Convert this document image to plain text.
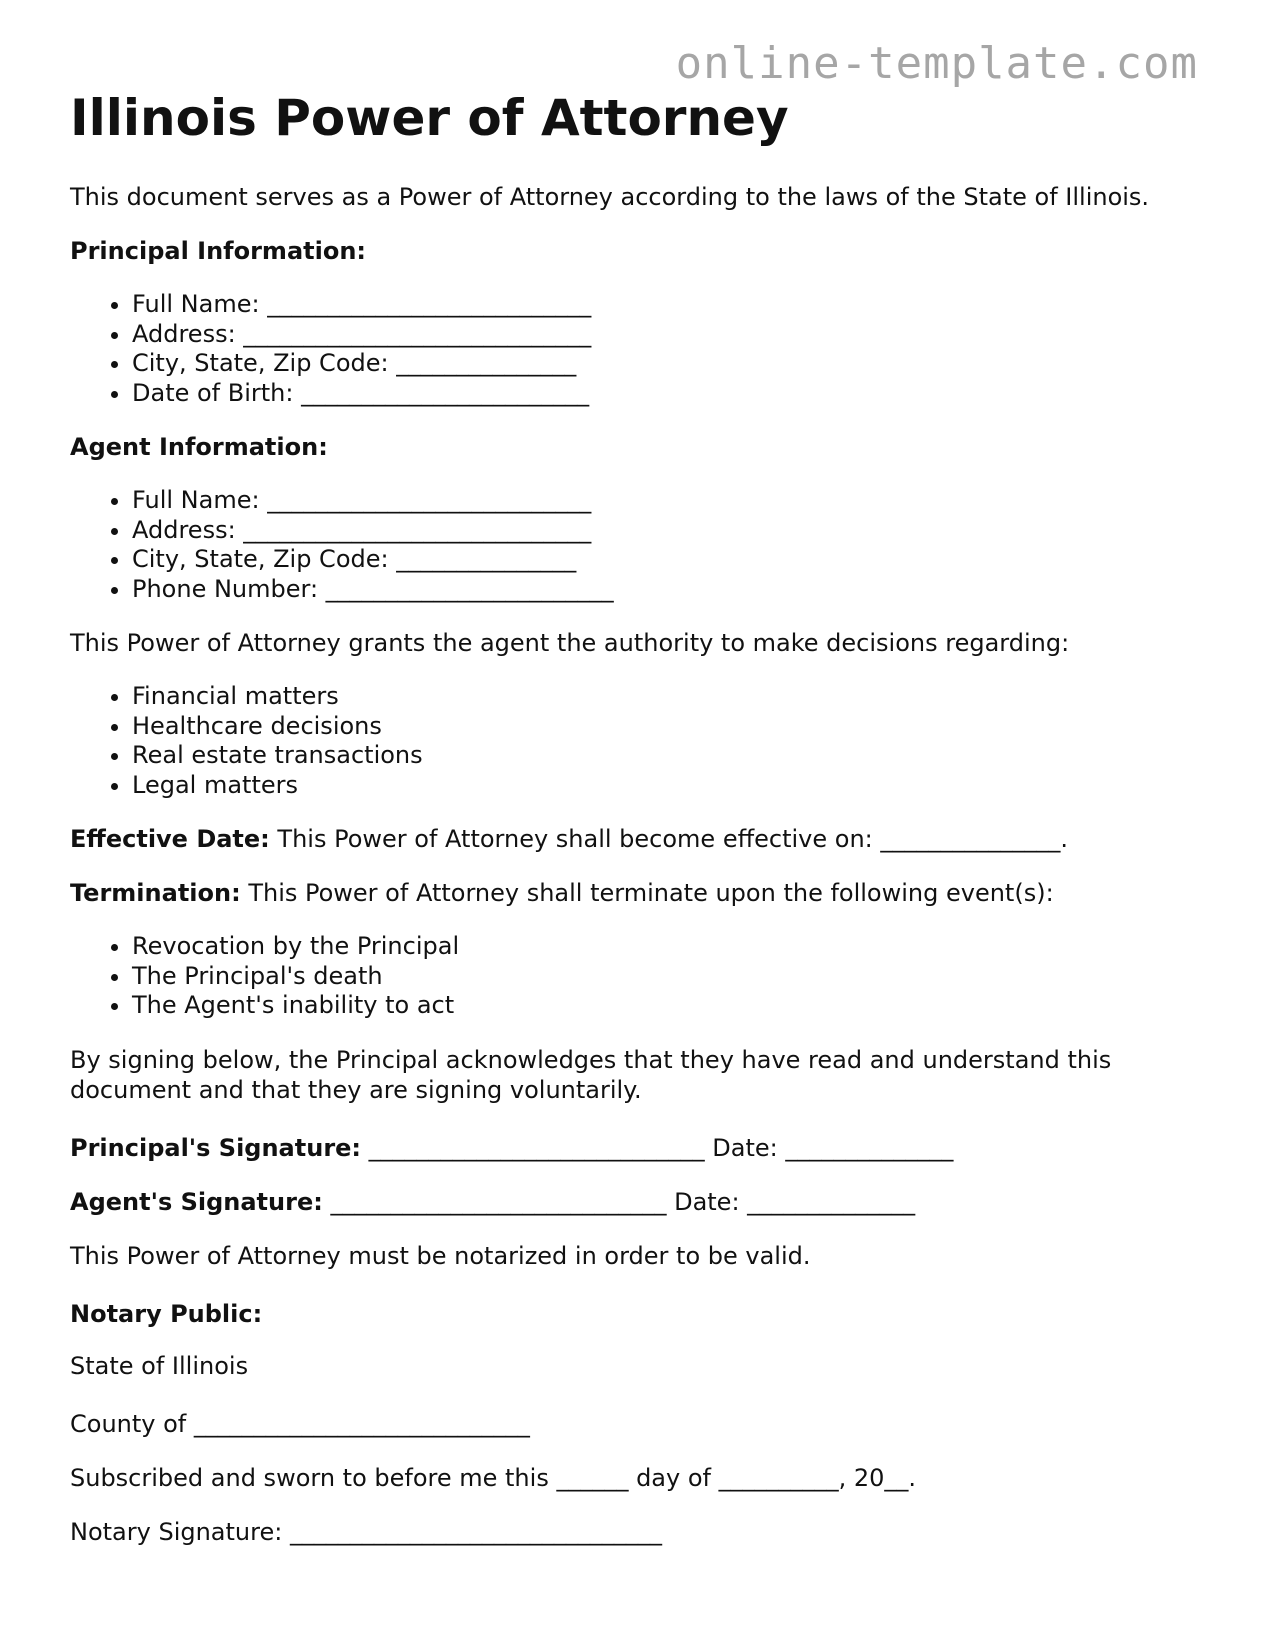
online-template.com
Illinois Power of Attorney

This document serves as a Power of Attorney according to the laws of the State of Illinois.

Principal Information:

• Full Name: ___________________________
• Address: _____________________________
• City, State, Zip Code: _______________
• Date of Birth: ________________________

Agent Information:

• Full Name: ___________________________
• Address: _____________________________
• City, State, Zip Code: _______________
• Phone Number: ________________________

This Power of Attorney grants the agent the authority to make decisions regarding:

• Financial matters
• Healthcare decisions
• Real estate transactions
• Legal matters

Effective Date: This Power of Attorney shall become effective on: _______________.

Termination: This Power of Attorney shall terminate upon the following event(s):

• Revocation by the Principal
• The Principal's death
• The Agent's inability to act

By signing below, the Principal acknowledges that they have read and understand this document and that they are signing voluntarily.

Principal's Signature: ____________________________ Date: ______________

Agent's Signature: ____________________________ Date: ______________

This Power of Attorney must be notarized in order to be valid.

Notary Public:

State of Illinois

County of ____________________________

Subscribed and sworn to before me this ______ day of __________, 20__.

Notary Signature: _______________________________
